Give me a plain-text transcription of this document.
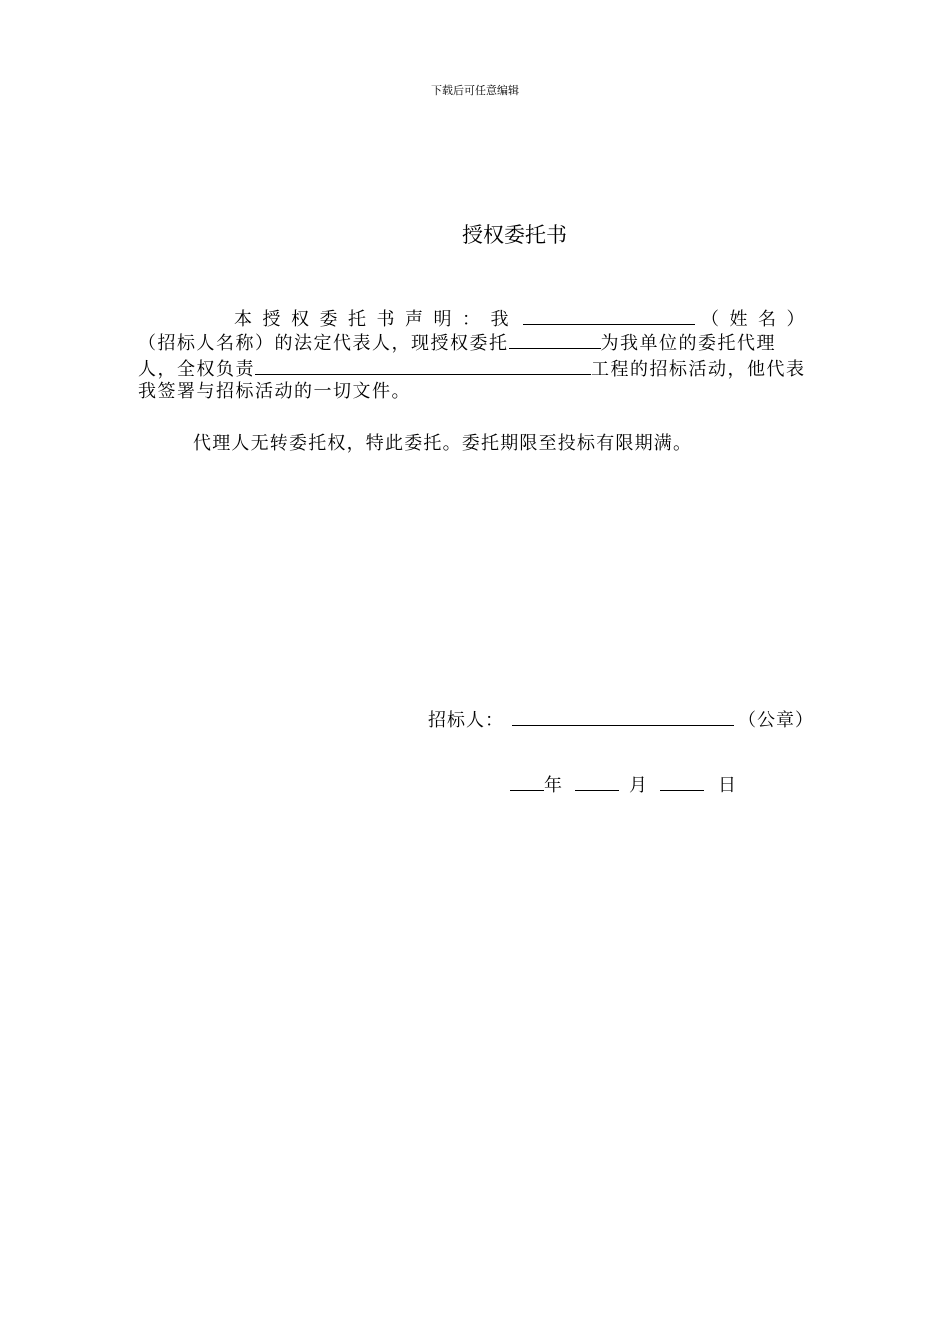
下载后可任意编辑
授权委托书
本授权委托书声明：我	（姓名）
（招标人名称）的法定代表人，现授权委托	为我单位的委托代理
人，全权负责	工程的招标活动，他代表
我签署与招标活动的一切文件。
代理人无转委托权，特此委托。委托期限至投标有限期满。
招标人：	（公章）
年	月	日
